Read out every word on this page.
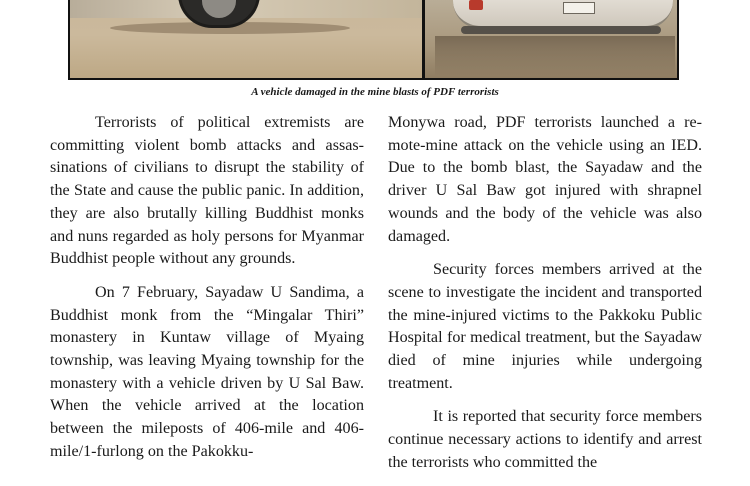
A vehicle damaged in the mine blasts of PDF terrorists

Terrorists of political extremists are committing violent bomb attacks and assassinations of civilians to disrupt the stability of the State and cause the public panic. In addition, they are also brutally killing Buddhist monks and nuns regarded as holy persons for Myanmar Buddhist people without any grounds.

On 7 February, Sayadaw U Sandima, a Buddhist monk from the “Mingalar Thiri” monastery in Kuntaw village of Myaing township, was leaving Myaing township for the monastery with a vehicle driven by U Sal Baw. When the vehicle arrived at the location between the mileposts of 406-mile and 406-mile/1-furlong on the Pakokku-

Monywa road, PDF terrorists launched a remote-mine attack on the vehicle using an IED. Due to the bomb blast, the Sayadaw and the driver U Sal Baw got injured with shrapnel wounds and the body of the vehicle was also damaged.

Security forces members arrived at the scene to investigate the incident and transported the mine-injured victims to the Pakkoku Public Hospital for medical treatment, but the Sayadaw died of mine injuries while undergoing treatment.

It is reported that security force members continue necessary actions to identify and arrest the terrorists who committed the
